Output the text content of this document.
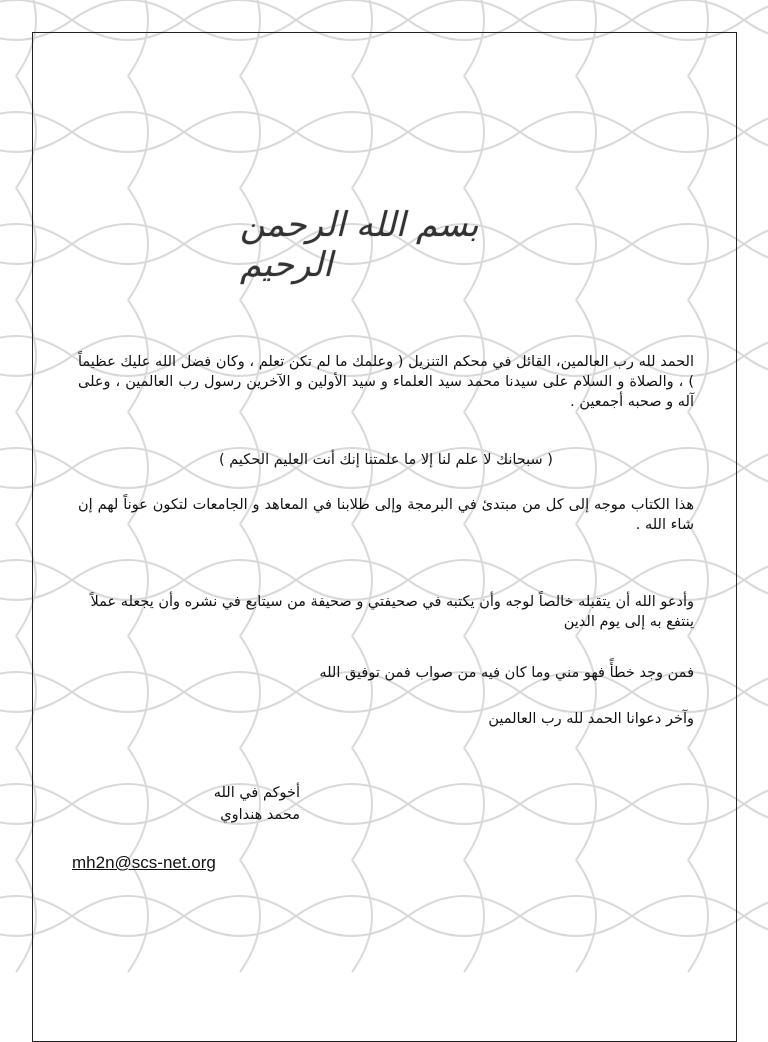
بسم الله الرحمن الرحيم
الحمد لله رب العالمين، القائل في محكم التنزيل ( وعلمك ما لم تكن تعلم ، وكان فضل الله عليك عظيماً ) ، والصلاة و السلام على سيدنا محمد سيد العلماء و سيد الأولين و الآخرين رسول رب العالمين ، وعلى آله و صحبه أجمعين .
( سبحانك لا علم لنا إلا ما علمتنا إنك أنت العليم الحكيم )
هذا الكتاب موجه إلى كل من مبتدئ في البرمجة وإلى طلابنا في المعاهد و الجامعات لتكون عوناً لهم إن شاء الله .
وأدعو الله أن يتقبله خالصاً لوجه وأن يكتبه في صحيفتي و صحيفة من سيتابع في نشره وأن يجعله عملاً ينتفع به إلى يوم الدين
فمن وجد خطأً فهو مني وما كان فيه من صواب فمن توفيق الله
وآخر دعوانا الحمد لله رب العالمين
أخوكم في الله
محمد هنداوي
mh2n@scs-net.org
